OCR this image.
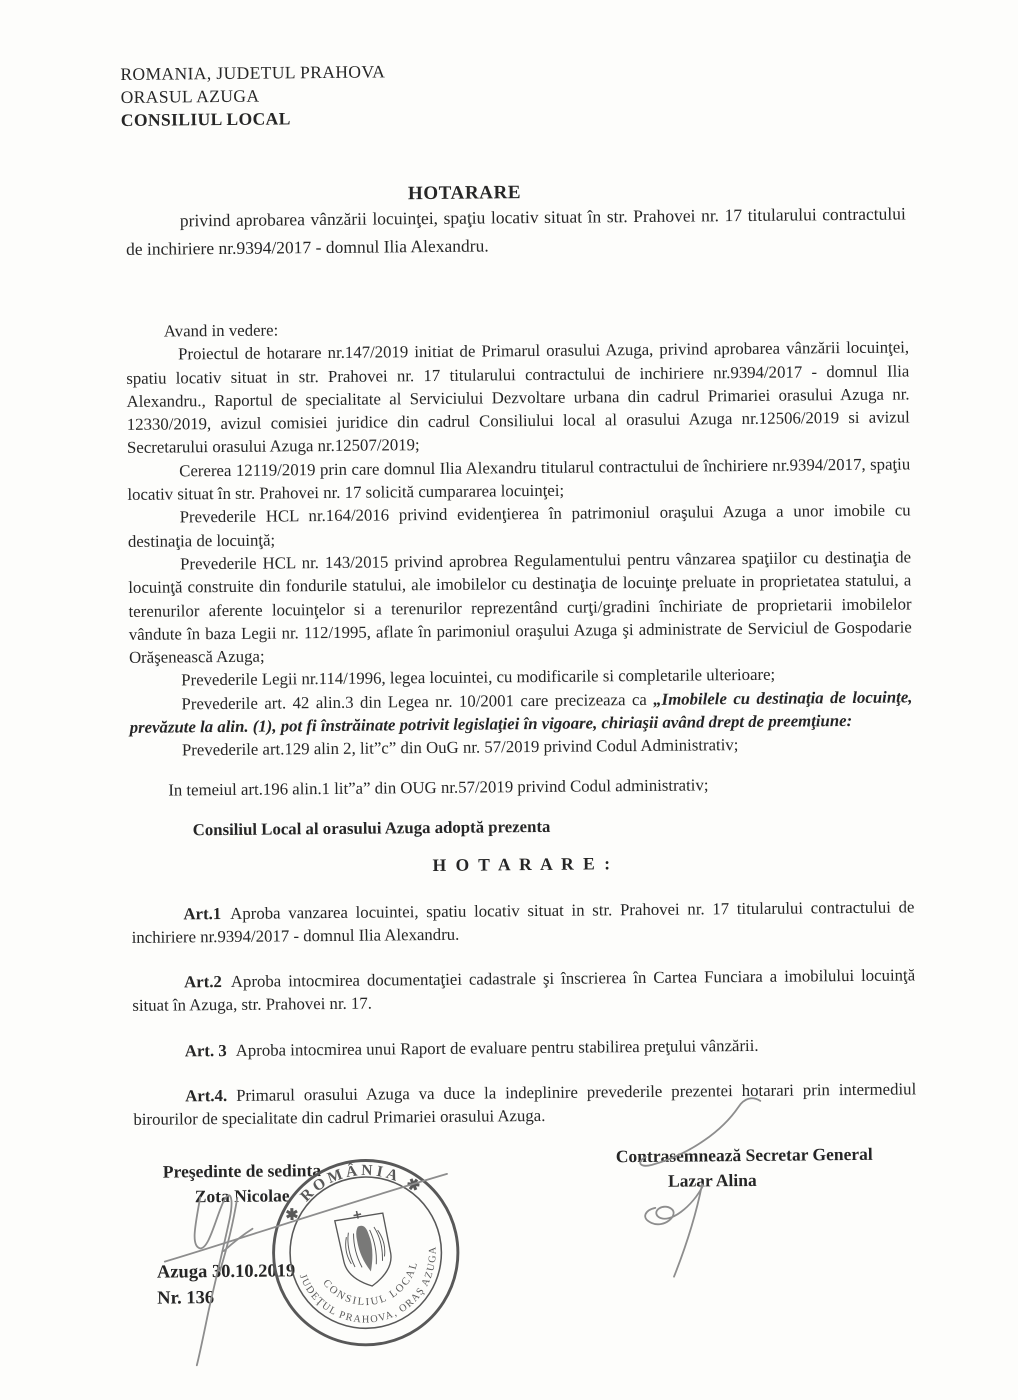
ROMANIA, JUDETUL PRAHOVA
ORASUL AZUGA
CONSILIUL LOCAL
HOTARARE

privind aprobarea vânzării locuinţei, spaţiu locativ situat în str. Prahovei nr. 17 titularului contractului de inchiriere nr.9394/2017 - domnul Ilia Alexandru.

Avand in vedere:

Proiectul de hotarare nr.147/2019 initiat de Primarul orasului Azuga, privind aprobarea vânzării locuinţei, spatiu locativ situat in str. Prahovei nr. 17 titularului contractului de inchiriere nr.9394/2017 - domnul Ilia Alexandru., Raportul de specialitate al Serviciului Dezvoltare urbana din cadrul Primariei orasului Azuga nr. 12330/2019, avizul comisiei juridice din cadrul Consiliului local al orasului Azuga nr.12506/2019 si avizul Secretarului orasului Azuga nr.12507/2019;

Cererea 12119/2019 prin care domnul Ilia Alexandru titularul contractului de închiriere nr.9394/2017, spaţiu locativ situat în str. Prahovei nr. 17 solicită cumpararea locuinţei;

Prevederile HCL nr.164/2016 privind evidenţierea în patrimoniul oraşului Azuga a unor imobile cu destinaţia de locuinţă;

Prevederile HCL nr. 143/2015 privind aprobrea Regulamentului pentru vânzarea spaţiilor cu destinaţia de locuinţă construite din fondurile statului, ale imobilelor cu destinaţia de locuinţe preluate in proprietatea statului, a terenurilor aferente locuinţelor si a terenurilor reprezentând curţi/gradini închiriate de proprietarii imobilelor vândute în baza Legii nr. 112/1995, aflate în parimoniul oraşului Azuga şi administrate de Serviciul de Gospodarie Orăşenească Azuga;

Prevederile Legii nr.114/1996, legea locuintei, cu modificarile si completarile ulterioare;

Prevederile art. 42 alin.3 din Legea nr. 10/2001 care precizeaza ca „Imobilele cu destinaţia de locuinţe, prevăzute la alin. (1), pot fi înstrăinate potrivit legislaţiei în vigoare, chiriaşii având drept de preemţiune:

Prevederile art.129 alin 2, lit”c” din OuG nr. 57/2019 privind Codul Administrativ;

In temeiul art.196 alin.1 lit”a” din OUG nr.57/2019 privind Codul administrativ;

Consiliul Local al orasului Azuga adoptă prezenta

H O T A R A R E :

Art.1 Aproba vanzarea locuintei, spatiu locativ situat in str. Prahovei nr. 17 titularului contractului de inchiriere nr.9394/2017 - domnul Ilia Alexandru.

Art.2 Aproba intocmirea documentaţiei cadastrale şi înscrierea în Cartea Funciara a imobilului locuinţă situat în Azuga, str. Prahovei nr. 17.

Art. 3 Aproba intocmirea unui Raport de evaluare pentru stabilirea preţului vânzării.

Art.4. Primarul orasului Azuga va duce la indeplinire prevederile prezentei hotarari prin intermediul birourilor de specialitate din cadrul Primariei orasului Azuga.

Preşedinte de sedinta
Zota Nicolae
Contrasemnează Secretar General
Lazar Alina
Azuga 30.10.2019
Nr. 136
✱ ROMÂNIA ✱
JUDEŢUL PRAHOVA, ORAŞ AZUGA
CONSILIUL LOCAL
